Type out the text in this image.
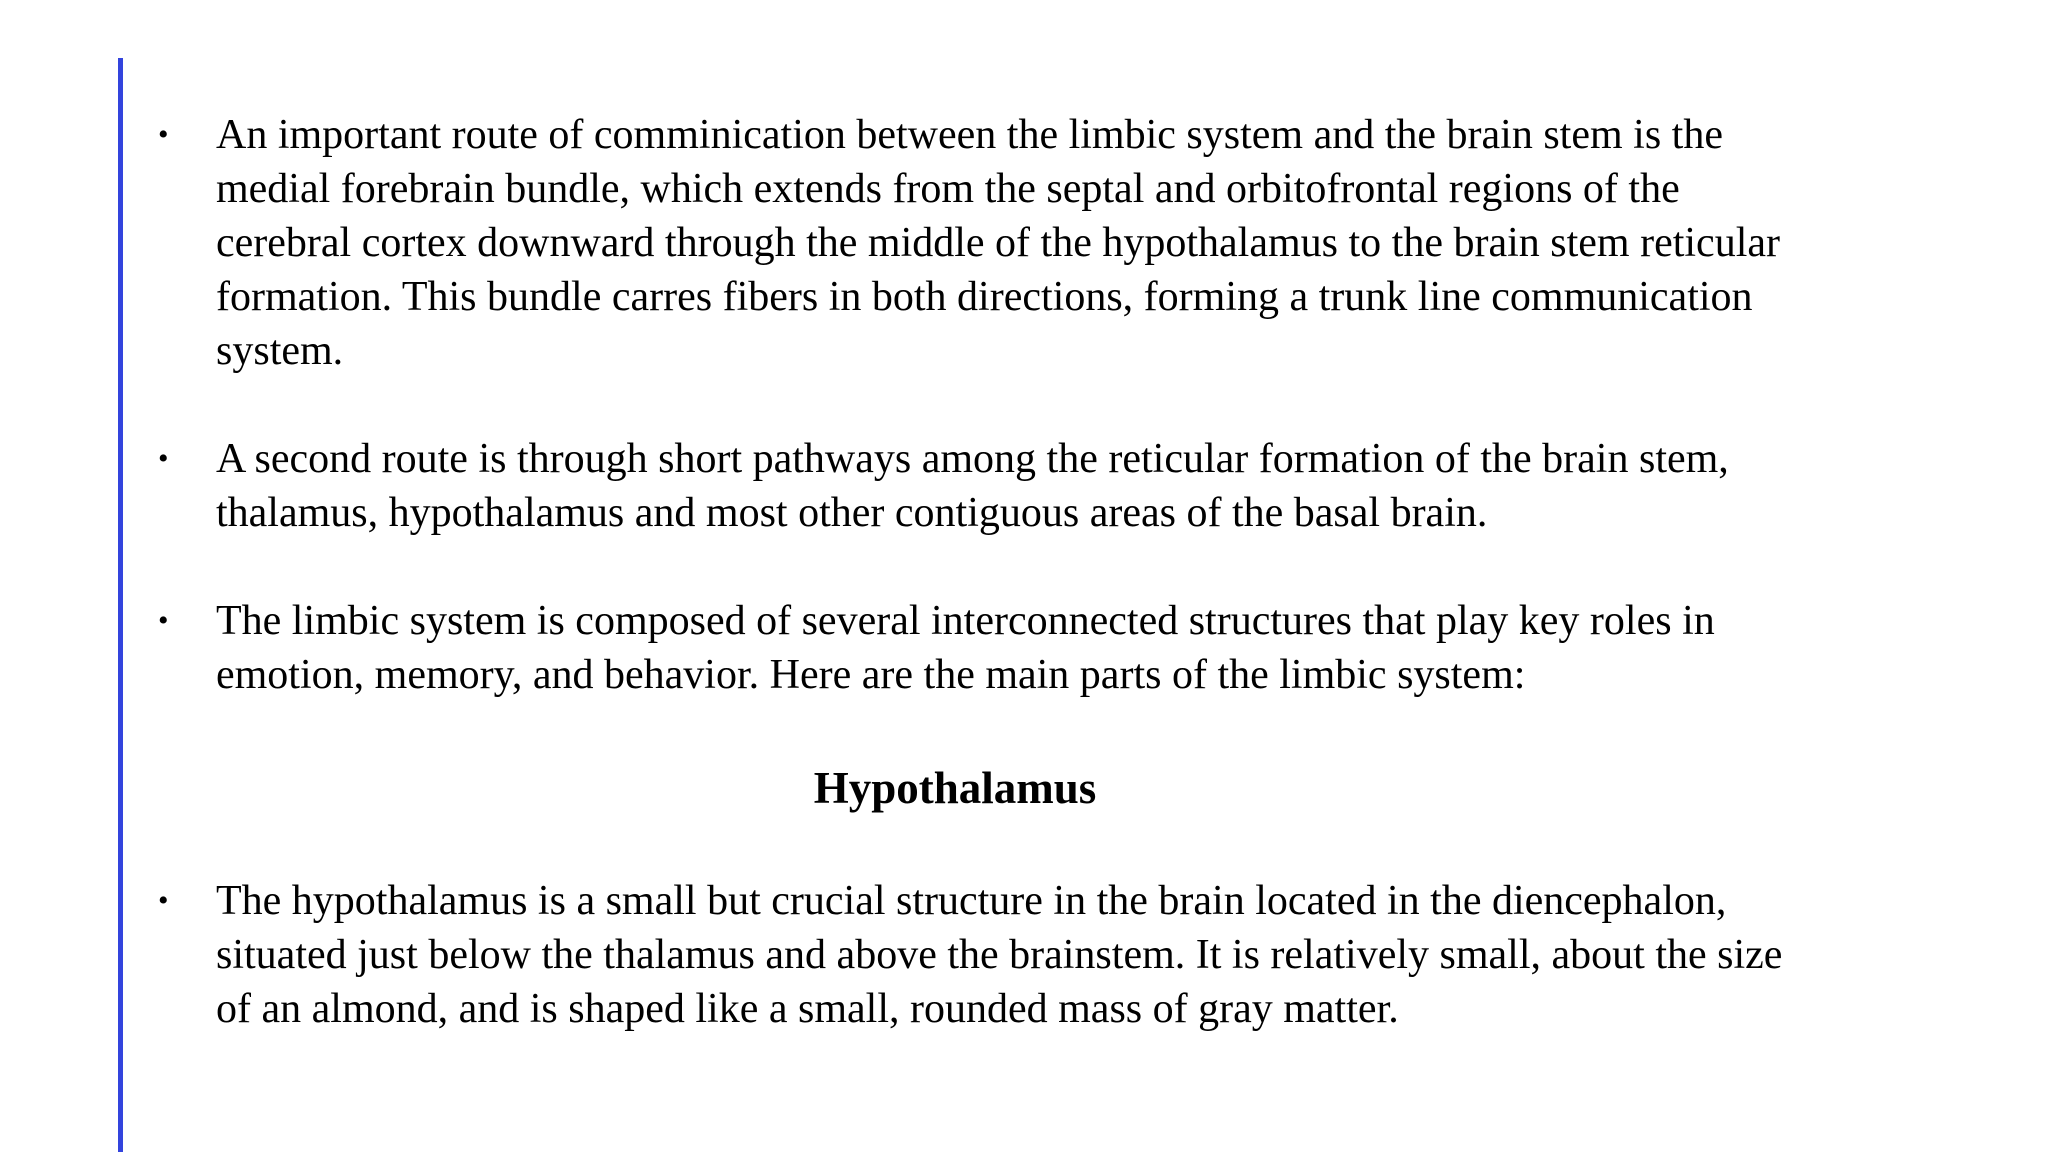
• An important route of comminication between the limbic system and the brain stem is the medial forebrain bundle, which extends from the septal and orbitofrontal regions of the cerebral cortex downward through the middle of the hypothalamus to the brain stem reticular formation. This bundle carres fibers in both directions, forming a trunk line communication system.
• A second route is through short pathways among the reticular formation of the brain stem, thalamus, hypothalamus and most other contiguous areas of the basal brain.
• The limbic system is composed of several interconnected structures that play key roles in emotion, memory, and behavior. Here are the main parts of the limbic system:
Hypothalamus
• The hypothalamus is a small but crucial structure in the brain located in the diencephalon, situated just below the thalamus and above the brainstem. It is relatively small, about the size of an almond, and is shaped like a small, rounded mass of gray matter.
